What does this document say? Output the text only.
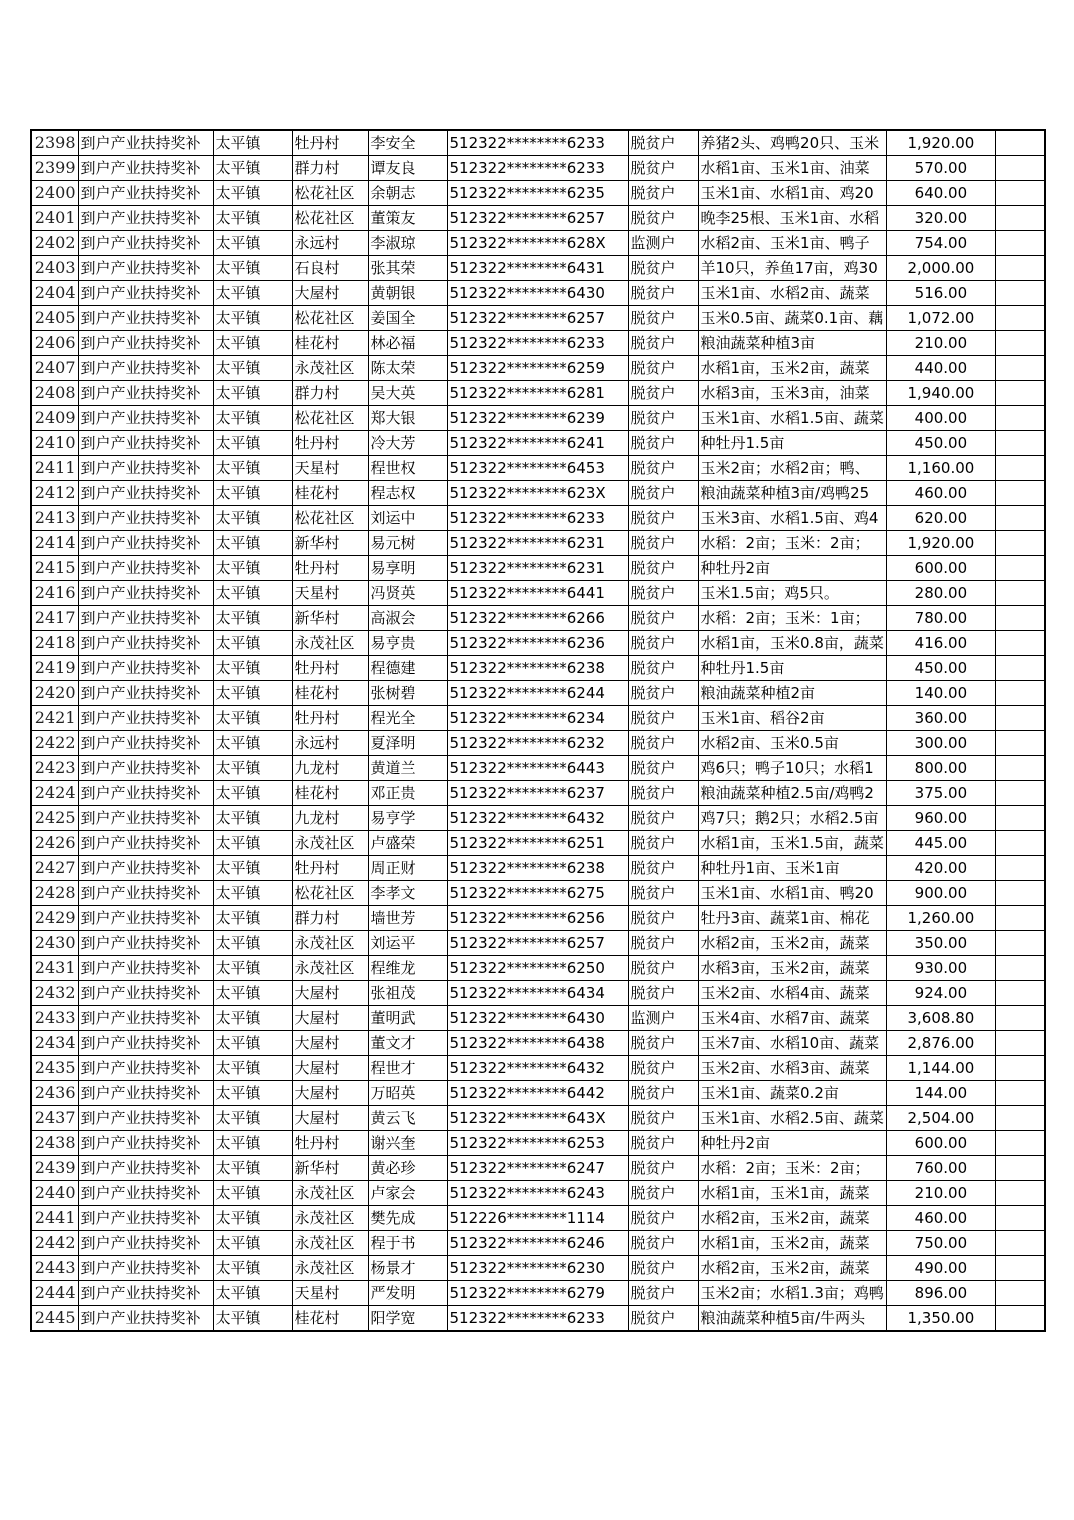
2398	到户产业扶持奖补	太平镇	牡丹村	李安全	512322********6233	脱贫户	养猪2头、鸡鸭20只、玉米	1,920.00	
2399	到户产业扶持奖补	太平镇	群力村	谭友良	512322********6233	脱贫户	水稻1亩、玉米1亩、油菜	570.00	
2400	到户产业扶持奖补	太平镇	松花社区	余朝志	512322********6235	脱贫户	玉米1亩、水稻1亩、鸡20	640.00	
2401	到户产业扶持奖补	太平镇	松花社区	董策友	512322********6257	脱贫户	晚李25根、玉米1亩、水稻	320.00	
2402	到户产业扶持奖补	太平镇	永远村	李淑琼	512322********628X	监测户	水稻2亩、玉米1亩、鸭子	754.00	
2403	到户产业扶持奖补	太平镇	石良村	张其荣	512322********6431	脱贫户	羊10只，养鱼17亩，鸡30	2,000.00	
2404	到户产业扶持奖补	太平镇	大屋村	黄朝银	512322********6430	脱贫户	玉米1亩、水稻2亩、蔬菜	516.00	
2405	到户产业扶持奖补	太平镇	松花社区	姜国全	512322********6257	脱贫户	玉米0.5亩、蔬菜0.1亩、藕	1,072.00	
2406	到户产业扶持奖补	太平镇	桂花村	林必福	512322********6233	脱贫户	粮油蔬菜种植3亩	210.00	
2407	到户产业扶持奖补	太平镇	永茂社区	陈太荣	512322********6259	脱贫户	水稻1亩，玉米2亩，蔬菜	440.00	
2408	到户产业扶持奖补	太平镇	群力村	吴大英	512322********6281	脱贫户	水稻3亩，玉米3亩，油菜	1,940.00	
2409	到户产业扶持奖补	太平镇	松花社区	郑大银	512322********6239	脱贫户	玉米1亩、水稻1.5亩、蔬菜	400.00	
2410	到户产业扶持奖补	太平镇	牡丹村	冷大芳	512322********6241	脱贫户	种牡丹1.5亩	450.00	
2411	到户产业扶持奖补	太平镇	天星村	程世权	512322********6453	脱贫户	玉米2亩；水稻2亩；鸭、	1,160.00	
2412	到户产业扶持奖补	太平镇	桂花村	程志权	512322********623X	脱贫户	粮油蔬菜种植3亩/鸡鸭25	460.00	
2413	到户产业扶持奖补	太平镇	松花社区	刘运中	512322********6233	脱贫户	玉米3亩、水稻1.5亩、鸡4	620.00	
2414	到户产业扶持奖补	太平镇	新华村	易元树	512322********6231	脱贫户	水稻：2亩；玉米：2亩；	1,920.00	
2415	到户产业扶持奖补	太平镇	牡丹村	易享明	512322********6231	脱贫户	种牡丹2亩	600.00	
2416	到户产业扶持奖补	太平镇	天星村	冯贤英	512322********6441	脱贫户	玉米1.5亩；鸡5只。	280.00	
2417	到户产业扶持奖补	太平镇	新华村	高淑会	512322********6266	脱贫户	水稻：2亩；玉米：1亩；	780.00	
2418	到户产业扶持奖补	太平镇	永茂社区	易亨贵	512322********6236	脱贫户	水稻1亩，玉米0.8亩，蔬菜	416.00	
2419	到户产业扶持奖补	太平镇	牡丹村	程德建	512322********6238	脱贫户	种牡丹1.5亩	450.00	
2420	到户产业扶持奖补	太平镇	桂花村	张树碧	512322********6244	脱贫户	粮油蔬菜种植2亩	140.00	
2421	到户产业扶持奖补	太平镇	牡丹村	程光全	512322********6234	脱贫户	玉米1亩、稻谷2亩	360.00	
2422	到户产业扶持奖补	太平镇	永远村	夏泽明	512322********6232	脱贫户	水稻2亩、玉米0.5亩	300.00	
2423	到户产业扶持奖补	太平镇	九龙村	黄道兰	512322********6443	脱贫户	鸡6只；鸭子10只；水稻1	800.00	
2424	到户产业扶持奖补	太平镇	桂花村	邓正贵	512322********6237	脱贫户	粮油蔬菜种植2.5亩/鸡鸭2	375.00	
2425	到户产业扶持奖补	太平镇	九龙村	易亨学	512322********6432	脱贫户	鸡7只；鹅2只；水稻2.5亩	960.00	
2426	到户产业扶持奖补	太平镇	永茂社区	卢盛荣	512322********6251	脱贫户	水稻1亩，玉米1.5亩，蔬菜	445.00	
2427	到户产业扶持奖补	太平镇	牡丹村	周正财	512322********6238	脱贫户	种牡丹1亩、玉米1亩	420.00	
2428	到户产业扶持奖补	太平镇	松花社区	李孝文	512322********6275	脱贫户	玉米1亩、水稻1亩、鸭20	900.00	
2429	到户产业扶持奖补	太平镇	群力村	墙世芳	512322********6256	脱贫户	牡丹3亩、蔬菜1亩、棉花	1,260.00	
2430	到户产业扶持奖补	太平镇	永茂社区	刘运平	512322********6257	脱贫户	水稻2亩，玉米2亩，蔬菜	350.00	
2431	到户产业扶持奖补	太平镇	永茂社区	程维龙	512322********6250	脱贫户	水稻3亩，玉米2亩，蔬菜	930.00	
2432	到户产业扶持奖补	太平镇	大屋村	张祖茂	512322********6434	脱贫户	玉米2亩、水稻4亩、蔬菜	924.00	
2433	到户产业扶持奖补	太平镇	大屋村	董明武	512322********6430	监测户	玉米4亩、水稻7亩、蔬菜	3,608.80	
2434	到户产业扶持奖补	太平镇	大屋村	董文才	512322********6438	脱贫户	玉米7亩、水稻10亩、蔬菜	2,876.00	
2435	到户产业扶持奖补	太平镇	大屋村	程世才	512322********6432	脱贫户	玉米2亩、水稻3亩、蔬菜	1,144.00	
2436	到户产业扶持奖补	太平镇	大屋村	万昭英	512322********6442	脱贫户	玉米1亩、蔬菜0.2亩	144.00	
2437	到户产业扶持奖补	太平镇	大屋村	黄云飞	512322********643X	脱贫户	玉米1亩、水稻2.5亩、蔬菜	2,504.00	
2438	到户产业扶持奖补	太平镇	牡丹村	谢兴奎	512322********6253	脱贫户	种牡丹2亩	600.00	
2439	到户产业扶持奖补	太平镇	新华村	黄必珍	512322********6247	脱贫户	水稻：2亩；玉米：2亩；	760.00	
2440	到户产业扶持奖补	太平镇	永茂社区	卢家会	512322********6243	脱贫户	水稻1亩，玉米1亩，蔬菜	210.00	
2441	到户产业扶持奖补	太平镇	永茂社区	樊先成	512226********1114	脱贫户	水稻2亩，玉米2亩，蔬菜	460.00	
2442	到户产业扶持奖补	太平镇	永茂社区	程于书	512322********6246	脱贫户	水稻1亩，玉米2亩，蔬菜	750.00	
2443	到户产业扶持奖补	太平镇	永茂社区	杨景才	512322********6230	脱贫户	水稻2亩，玉米2亩，蔬菜	490.00	
2444	到户产业扶持奖补	太平镇	天星村	严发明	512322********6279	脱贫户	玉米2亩；水稻1.3亩；鸡鸭	896.00	
2445	到户产业扶持奖补	太平镇	桂花村	阳学宽	512322********6233	脱贫户	粮油蔬菜种植5亩/牛两头	1,350.00	
